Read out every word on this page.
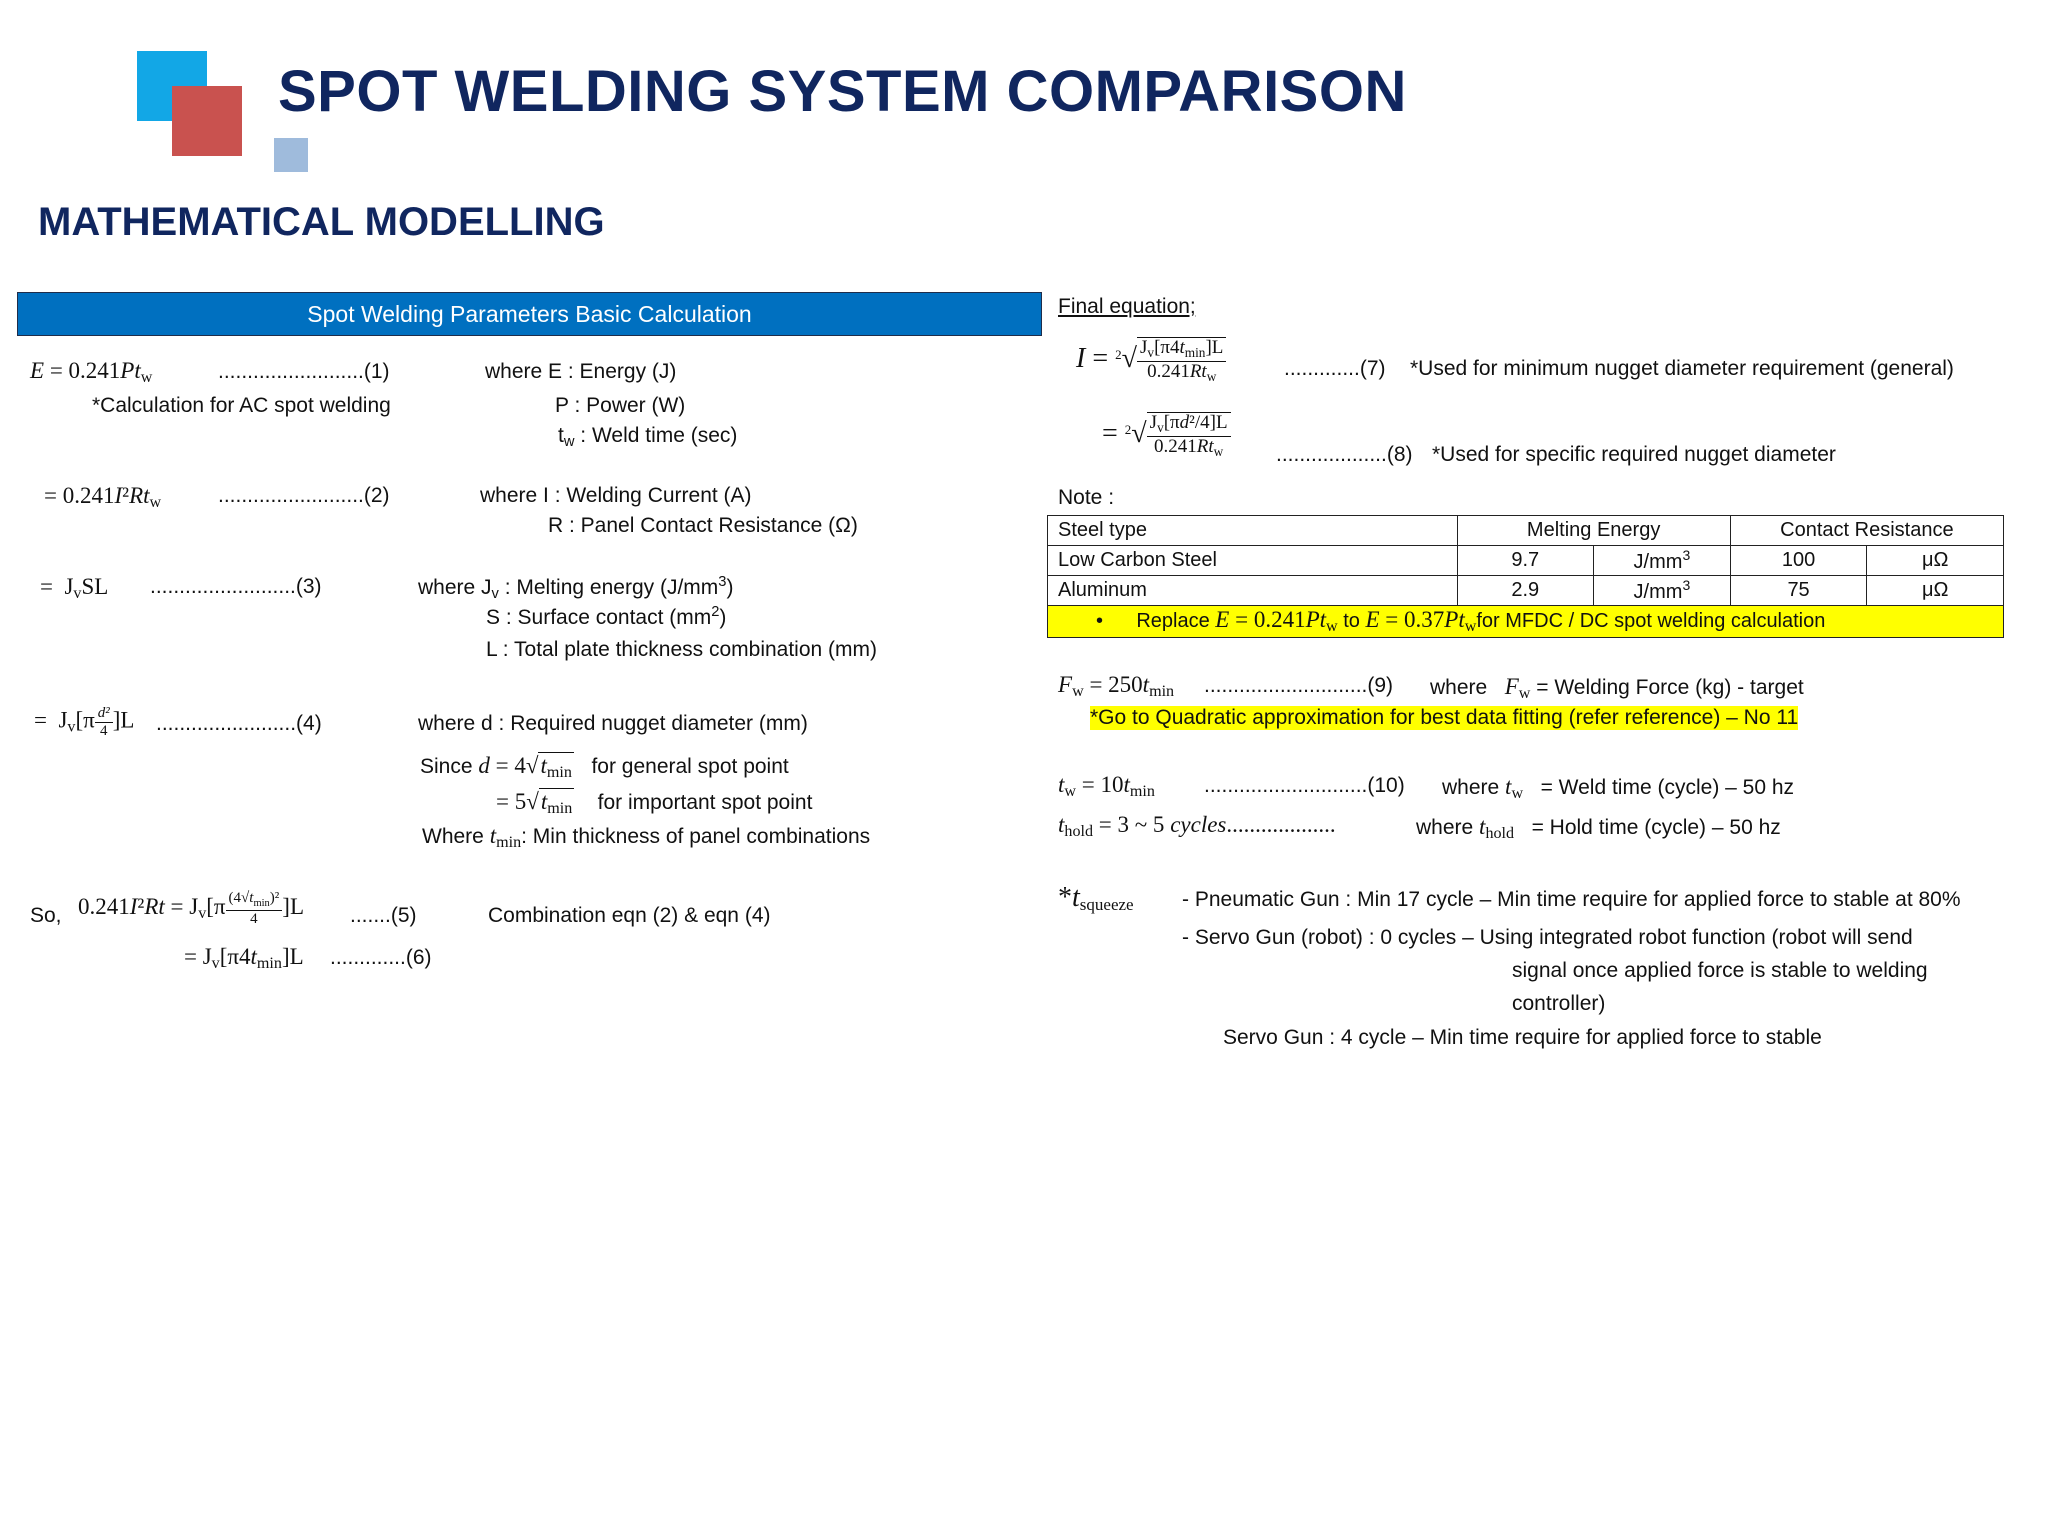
SPOT WELDING SYSTEM COMPARISON
MATHEMATICAL MODELLING
Spot Welding Parameters Basic Calculation
$E = 0.241Pt_w$	.........................(1)
*Calculation for AC spot welding
where E : Energy (J)
P : Power (W)
$t_w$ : Weld time (sec)
= $0.241I^2Rt_w$	.........................(2)	where I : Welding Current (A)
R : Panel Contact Resistance (Ω)
=  $J_vSL$ .........................(3)	where $J_v$ : Melting energy $(J/mm^3)$
S : Surface contact $(mm^2)$
L : Total plate thickness combination (mm)
=  $J_v[\pi \frac{\text{d²}}{4} ]L$ ........................(4)	where d : Required nugget diameter (mm)
Since $d = 4√t_{min}$ for general spot point
= $5√t_{min}$ for important spot point
Where $t_{min}$: Min thickness of panel combinations
So, $0.241I^2Rt = J_v[\pi \frac{(4√t_{min})^2}{4} ]L$ .......(5)	Combination eqn (2) & eqn (4)
= $J_v[\pi 4t_{min}]L$ .............(6)
Final equation;
$I = ^2√ \frac{J_v[\pi 4t_{min}]L}{0.241Rt_w}$	.............(7) *Used for minimum nugget diameter requirement (general)
= $^2√ \frac{J_v[\pi d^2/4]L}{0.241Rt_w} ...................(8)$ *Used for specific required nugget diameter
Note :
Steel type	Melting Energy		Contact Resistance	
Low Carbon Steel	9.7	$J/mm^3$	100	μΩ
Aluminum	2.9	$J/mm^3$	75	μΩ
•      Replace $E = 0.241Pt_w$ to $E = 0.37Pt_wfor$ MFDC / DC spot welding calculation				
$F_w = 250t_{min}$ ............................(9) where $F_w$ = Welding Force (kg) - target
*Go to Quadratic approximation for best data fitting (refer reference) – No 11
$t_w = 10t_{min}$ ............................(10) where $t_w$ = Weld time (cycle) – 50 hz
$t_{hold} = 3$ ~ 5 cycles...................	where $t_{hold}$ = Hold time (cycle) – 50 hz
$*t_{squeeze}$ - Pneumatic Gun : Min 17 cycle – Min time require for applied force to stable at 80%
- Servo Gun (robot) : 0 cycles – Using integrated robot function (robot will send
signal once applied force is stable to welding
controller)
Servo Gun : 4 cycle – Min time require for applied force to stable
